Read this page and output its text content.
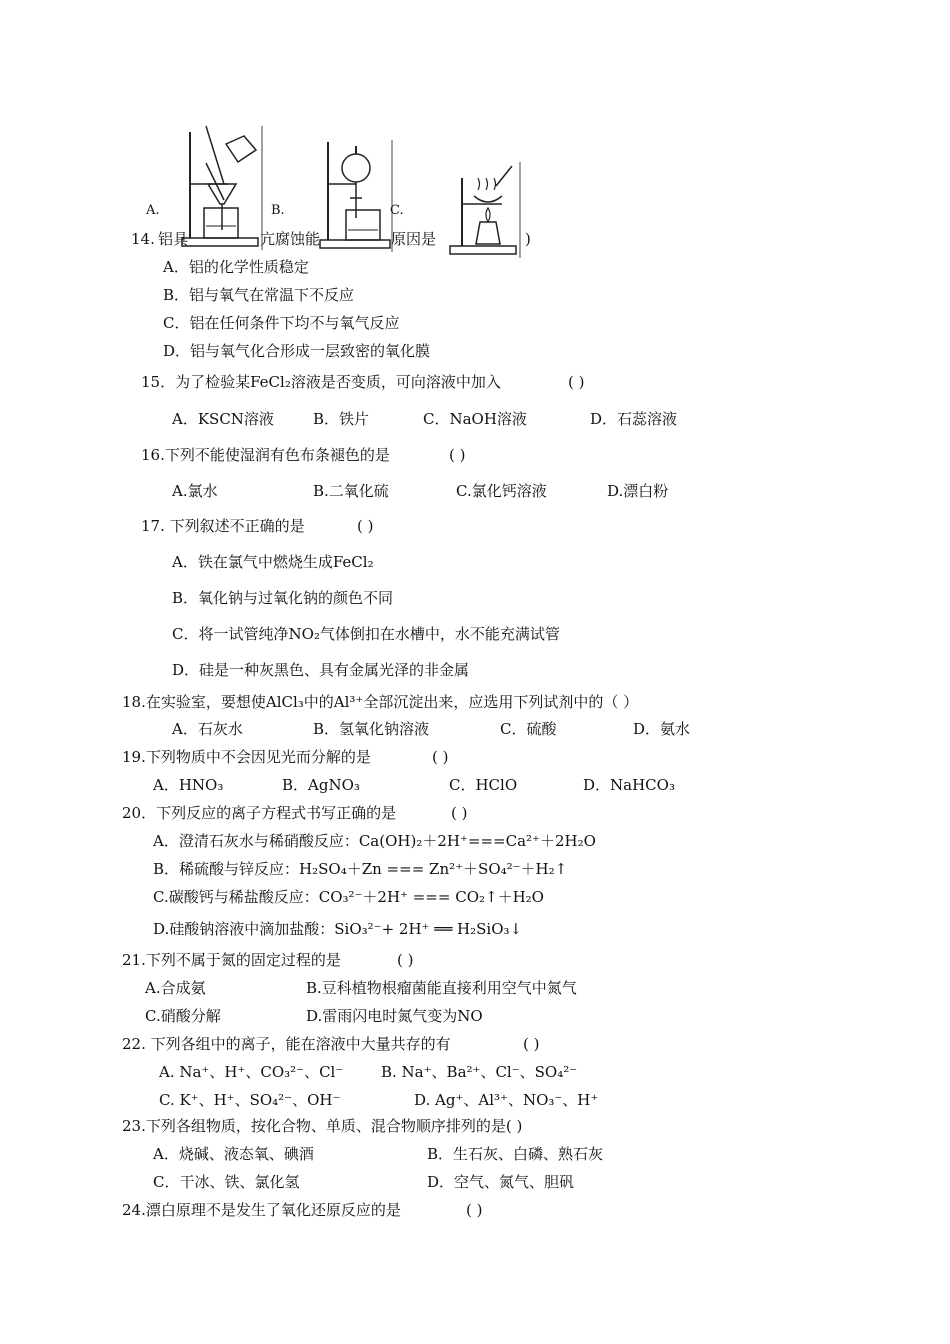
A.	B.	C.
14. 铝具	亢腐蚀能	原因是	)
A．铝的化学性质稳定
B．铝与氧气在常温下不反应
C．铝在任何条件下均不与氧气反应
D．铝与氧气化合形成一层致密的氧化膜
15．为了检验某FeCl₂溶液是否变质，可向溶液中加入	( )
A．KSCN溶液	B．铁片	C．NaOH溶液	D．石蕊溶液
16.下列不能使湿润有色布条褪色的是	( )
A.氯水	B.二氧化硫	C.氯化钙溶液	D.漂白粉
17. 下列叙述不正确的是	( )
A．铁在氯气中燃烧生成FeCl₂
B．氧化钠与过氧化钠的颜色不同
C．将一试管纯净NO₂气体倒扣在水槽中，水不能充满试管
D．硅是一种灰黑色、具有金属光泽的非金属
18.在实验室，要想使AlCl₃中的Al³⁺全部沉淀出来，应选用下列试剂中的（ ）
A．石灰水	B．氢氧化钠溶液	C．硫酸	D．氨水
19.下列物质中不会因见光而分解的是	( )
A．HNO₃	B．AgNO₃	C．HClO	D．NaHCO₃
20．下列反应的离子方程式书写正确的是	( )
A．澄清石灰水与稀硝酸反应：Ca(OH)₂＋2H⁺===Ca²⁺＋2H₂O
B．稀硫酸与锌反应：H₂SO₄＋Zn === Zn²⁺＋SO₄²⁻＋H₂↑
C.碳酸钙与稀盐酸反应：CO₃²⁻＋2H⁺ === CO₂↑＋H₂O
D.硅酸钠溶液中滴加盐酸：SiO₃²⁻+ 2H⁺ ══ H₂SiO₃↓
21.下列不属于氮的固定过程的是	( )
A.合成氨	B.豆科植物根瘤菌能直接利用空气中氮气
C.硝酸分解	D.雷雨闪电时氮气变为NO
22. 下列各组中的离子，能在溶液中大量共存的有	( )
A. Na⁺、H⁺、CO₃²⁻、Cl⁻	B. Na⁺、Ba²⁺、Cl⁻、SO₄²⁻
C. K⁺、H⁺、SO₄²⁻、OH⁻	D. Ag⁺、Al³⁺、NO₃⁻、H⁺
23.下列各组物质，按化合物、单质、混合物顺序排列的是( )
A．烧碱、液态氧、碘酒	B．生石灰、白磷、熟石灰
C．干冰、铁、氯化氢	D．空气、氮气、胆矾
24.漂白原理不是发生了氧化还原反应的是	( )
